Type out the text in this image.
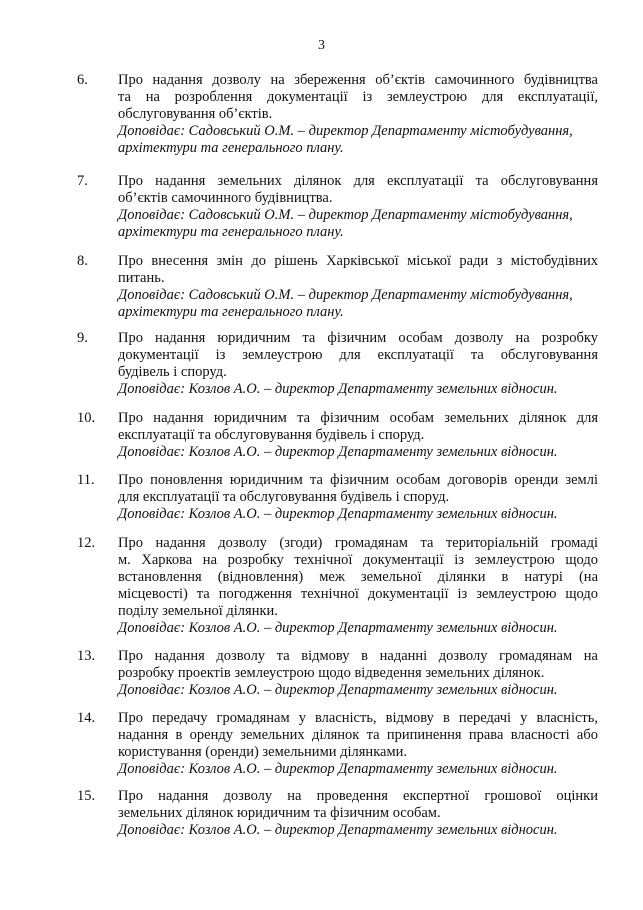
3
6. Про надання дозволу на збереження об’єктів самочинного будівництва
та на розроблення документації із землеустрою для експлуатації,
обслуговування об’єктів.
Доповідає: Садовський О.М. – директор Департаменту містобудування,
архітектури та генерального плану.
7. Про надання земельних ділянок для експлуатації та обслуговування
об’єктів самочинного будівництва.
Доповідає: Садовський О.М. – директор Департаменту містобудування,
архітектури та генерального плану.
8. Про внесення змін до рішень Харківської міської ради з містобудівних
питань.
Доповідає: Садовський О.М. – директор Департаменту містобудування,
архітектури та генерального плану.
9. Про надання юридичним та фізичним особам дозволу на розробку
документації із землеустрою для експлуатації та обслуговування
будівель і споруд.
Доповідає: Козлов А.О. – директор Департаменту земельних відносин.
10. Про надання юридичним та фізичним особам земельних ділянок для
експлуатації та обслуговування будівель і споруд.
Доповідає: Козлов А.О. – директор Департаменту земельних відносин.
11. Про поновлення юридичним та фізичним особам договорів оренди землі
для експлуатації та обслуговування будівель і споруд.
Доповідає: Козлов А.О. – директор Департаменту земельних відносин.
12. Про надання дозволу (згоди) громадянам та територіальній громаді
м. Харкова на розробку технічної документації із землеустрою щодо
встановлення (відновлення) меж земельної ділянки в натурі (на
місцевості) та погодження технічної документації із землеустрою щодо
поділу земельної ділянки.
Доповідає: Козлов А.О. – директор Департаменту земельних відносин.
13. Про надання дозволу та відмову в наданні дозволу громадянам на
розробку проектів землеустрою щодо відведення земельних ділянок.
Доповідає: Козлов А.О. – директор Департаменту земельних відносин.
14. Про передачу громадянам у власність, відмову в передачі у власність,
надання в оренду земельних ділянок та припинення права власності або
користування (оренди) земельними ділянками.
Доповідає: Козлов А.О. – директор Департаменту земельних відносин.
15. Про надання дозволу на проведення експертної грошової оцінки
земельних ділянок юридичним та фізичним особам.
Доповідає: Козлов А.О. – директор Департаменту земельних відносин.
